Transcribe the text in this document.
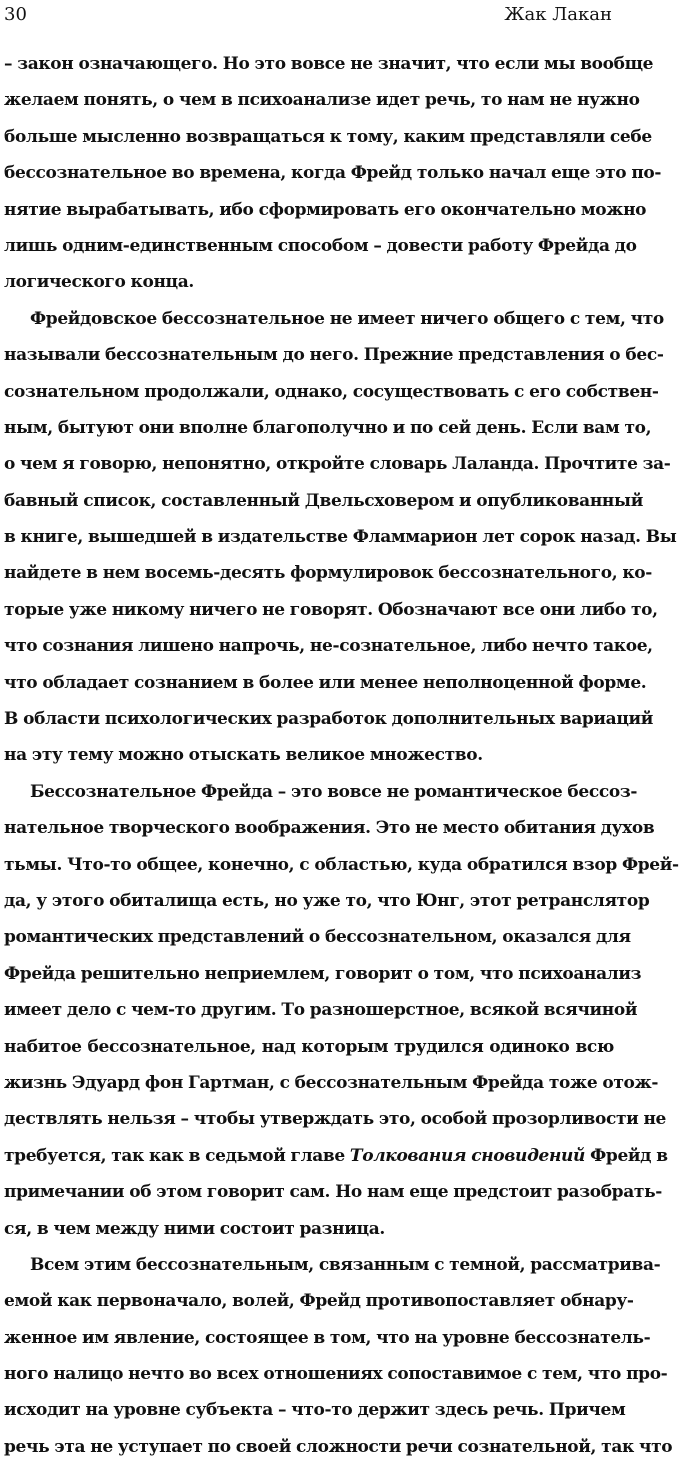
30	Жак Лакан
– закон означающего. Но это вовсе не значит, что если мы вообще
желаем понять, о чем в психоанализе идет речь, то нам не нужно
больше мысленно возвращаться к тому, каким представляли себе
бессознательное во времена, когда Фрейд только начал еще это по-
нятие вырабатывать, ибо сформировать его окончательно можно
лишь одним-единственным способом – довести работу Фрейда до
логического конца.
Фрейдовское бессознательное не имеет ничего общего с тем, что
называли бессознательным до него. Прежние представления о бес-
сознательном продолжали, однако, сосуществовать с его собствен-
ным, бытуют они вполне благополучно и по сей день. Если вам то,
о чем я говорю, непонятно, откройте словарь Лаланда. Прочтите за-
бавный список, составленный Двельсховером и опубликованный
в книге, вышедшей в издательстве Фламмарион лет сорок назад. Вы
найдете в нем восемь-десять формулировок бессознательного, ко-
торые уже никому ничего не говорят. Обозначают все они либо то,
что сознания лишено напрочь, не-сознательное, либо нечто такое,
что обладает сознанием в более или менее неполноценной форме.
В области психологических разработок дополнительных вариаций
на эту тему можно отыскать великое множество.
Бессознательное Фрейда – это вовсе не романтическое бессоз-
нательное творческого воображения. Это не место обитания духов
тьмы. Что-то общее, конечно, с областью, куда обратился взор Фрей-
да, у этого обиталища есть, но уже то, что Юнг, этот ретранслятор
романтических представлений о бессознательном, оказался для
Фрейда решительно неприемлем, говорит о том, что психоанализ
имеет дело с чем-то другим. То разношерстное, всякой всячиной
набитое бессознательное, над которым трудился одиноко всю
жизнь Эдуард фон Гартман, с бессознательным Фрейда тоже отож-
дествлять нельзя – чтобы утверждать это, особой прозорливости не
требуется, так как в седьмой главе Толкования сновидений Фрейд в
примечании об этом говорит сам. Но нам еще предстоит разобрать-
ся, в чем между ними состоит разница.
Всем этим бессознательным, связанным с темной, рассматрива-
емой как первоначало, волей, Фрейд противопоставляет обнару-
женное им явление, состоящее в том, что на уровне бессознатель-
ного налицо нечто во всех отношениях сопоставимое с тем, что про-
исходит на уровне субъекта – что-то держит здесь речь. Причем
речь эта не уступает по своей сложности речи сознательной, так что
